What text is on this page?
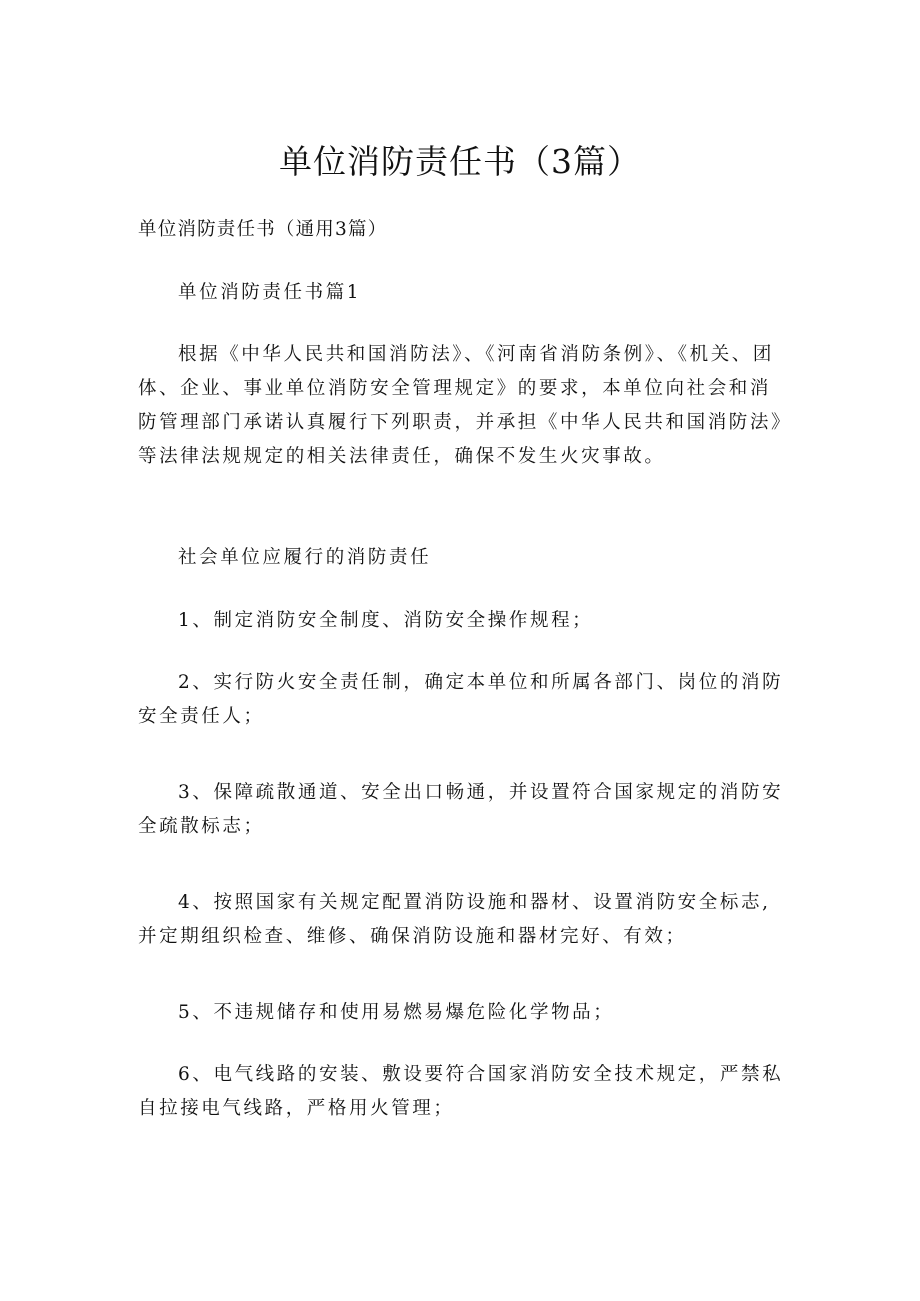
单位消防责任书（3篇）

单位消防责任书（通用3篇）

单位消防责任书篇1

根据《中华人民共和国消防法》、《河南省消防条例》、《机关、团体、企业、事业单位消防安全管理规定》的要求，本单位向社会和消防管理部门承诺认真履行下列职责，并承担《中华人民共和国消防法》等法律法规规定的相关法律责任，确保不发生火灾事故。

社会单位应履行的消防责任

1、制定消防安全制度、消防安全操作规程；

2、实行防火安全责任制，确定本单位和所属各部门、岗位的消防安全责任人；

3、保障疏散通道、安全出口畅通，并设置符合国家规定的消防安全疏散标志；

4、按照国家有关规定配置消防设施和器材、设置消防安全标志,并定期组织检查、维修、确保消防设施和器材完好、有效；

5、不违规储存和使用易燃易爆危险化学物品；

6、电气线路的安装、敷设要符合国家消防安全技术规定，严禁私自拉接电气线路，严格用火管理；
